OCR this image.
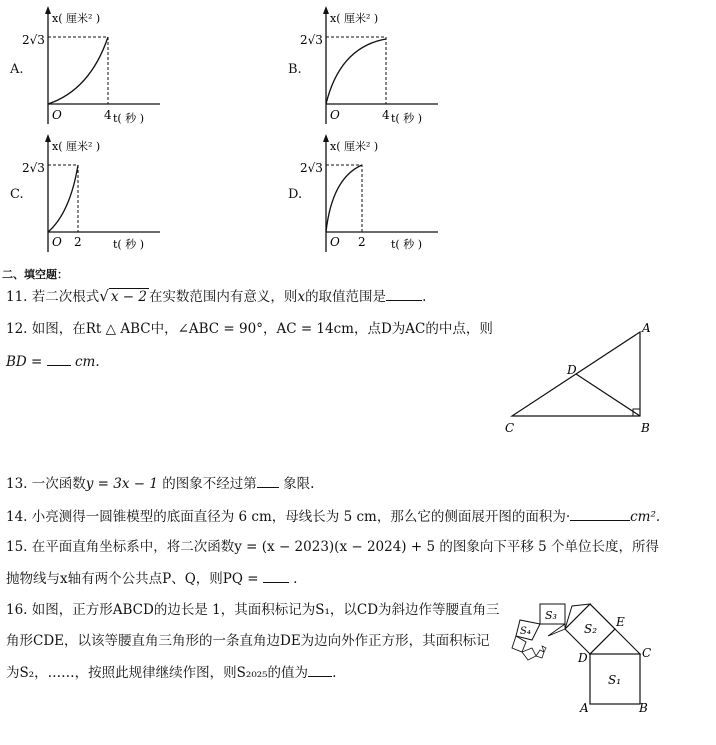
A.	B.
C.	D.
2√3
x( 厘米² )
O	4 t( 秒 )
2√3
x( 厘米² )
O	4 t( 秒 )
2√3
x( 厘米² )
O 2	t( 秒 )
2√3
x( 厘米² )
O 2 t( 秒 )
二、填空题：
11. 若二次根式√ x − 2 在实数范围内有意义，则x的取值范围是	.
12. 如图，在Rt △ ABC中，∠ABC = 90°，AC = 14cm，点D为AC的中点，则
BD = cm.
A
B
C
D
13. 一次函数y = 3x − 1 的图象不经过第 象限.
14. 小亮测得一圆锥模型的底面直径为 6 cm，母线长为 5 cm，那么它的侧面展开图的面积为·	cm².
15. 在平面直角坐标系中，将二次函数y = (x − 2023)(x − 2024) + 5 的图象向下平移 5 个单位长度，所得
抛物线与x轴有两个公共点P、Q，则PQ =	.
16. 如图，正方形ABCD的边长是 1，其面积标记为S₁，以CD为斜边作等腰直角三
角形CDE，以该等腰直角三角形的一条直角边DE为边向外作正方形，其面积标记
为S₂，……，按照此规律继续作图，则S₂₀₂₅的值为 .
A	B
C
D
E
S₁
S₂
S₃
S₄
